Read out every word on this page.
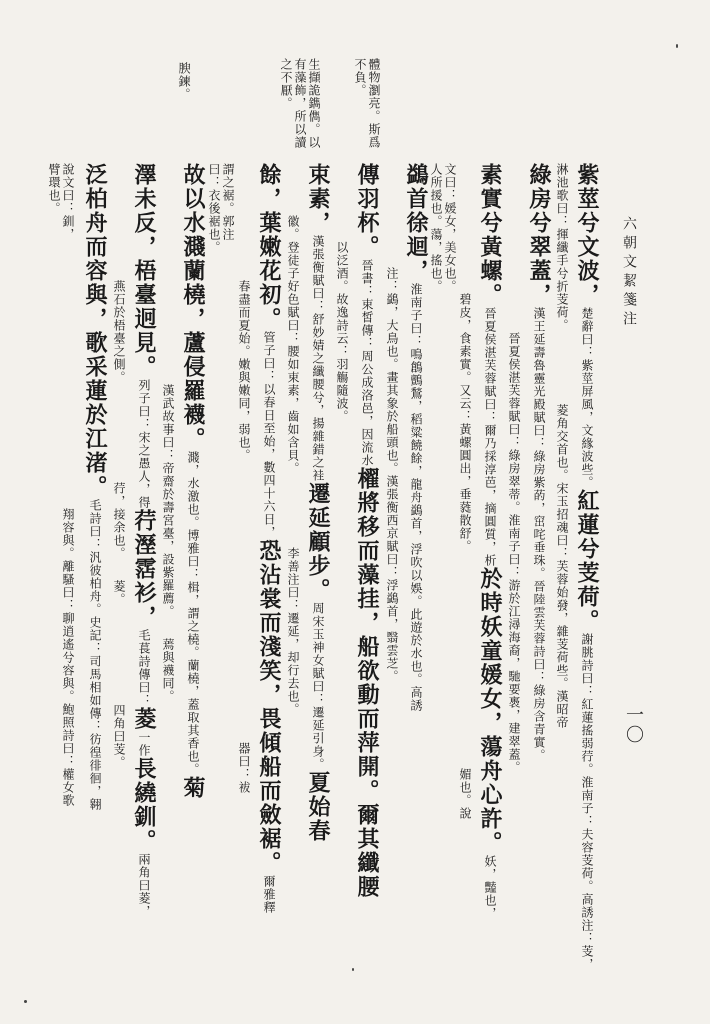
六朝文絜箋注
一〇
紫莖兮文波，楚辭曰：紫莖屏風，文緣波些。紅蓮兮芰荷。謝朓詩曰：紅蓮搖弱荇。淮南子：夫容芰荷。高誘注：芰，
淋池歌曰：揮纖手兮折芰荷。　　　　　　菱角交首也。宋玉招魂曰：芙蓉始發，雜芰荷些。漢昭帝
綠房兮翠蓋，漢王延壽魯靈光殿賦曰：綠房紫菂，窋咤垂珠。晉陸雲芙蓉詩曰：綠房含青實。
　　　　　　　　　　　　　晉夏侯湛芙蓉賦曰：綠房翠蒂。淮南子曰：游於江潯海裔，馳要褭，建翠蓋。
素實兮黃螺。晉夏侯湛芙蓉賦曰：爾乃採淳芭，摘圓質，析於時妖童媛女，蕩舟心許。妖，豔也，
　　　　　　　　　　碧皮，食素實。又云：黃螺圓出，垂蕤散舒。　　　　　　　　　　　　　　　　　媚也。說
文曰：媛女，美女也。
人所援也。蕩，搖也。
鷁首徐迴，淮南子曰：鳴鶬鸇鶖，稻粱饒餘，龍舟鷁首，浮吹以娛。此遊於水也。高誘
　　　　　　　　注：鷁，大鳥也。畫其象於船頭也。漢張衡西京賦曰：浮鷁首，翳雲芝。
傳羽杯。晉書：束皙傳：周公成洛邑，因流水櫂將移而藻挂，船欲動而萍開。爾其纖腰
　　　　　　以泛酒。故逸詩云：羽觴隨波。
束素，漢張衡賦曰：舒妙婧之纖腰兮，揚雜錯之袿遷延顧步。周宋玉神女賦曰：遷延引身。夏始春
　　　　徽。登徒子好色賦曰：腰如束素，齒如含貝。　　　　　　李善注曰：遷延，却行去也。
餘，葉嫩花初。管子曰：以春日至始，數四十六日，恐沾裳而淺笑，畏傾船而斂裾。爾雅釋
　　　　　　　　　春盡而夏始。嫩與嫩同，弱也。　　　　　　　　　　　　　　　　　　　　　　器曰：袚
謂之裾。郭注
曰：衣後裾也。
故以水濺蘭橈，蘆侵羅襪。濺，水激也。博雅曰：楫，謂之橈。蘭橈，蓋取其香也。菊
　　　　　　　　　　　　　　　　　漢武故事曰：帝齋於壽宮臺，設紫羅薦。　　蔫與襪同。
澤未反，梧臺迥見。列子曰：宋之愚人，得荇溼霑衫，毛萇詩傳曰：菱一作長繞釧。兩角曰菱，
　　　　　　　　　燕石於梧臺之側。　　　　　　　　荇，接余也。　　菱。　　　　　　　　四角曰芰。
泛柏舟而容與，歌采蓮於江渚。毛詩曰：汎彼柏舟。史記：司馬相如傳：彷徨徘徊，翱
說文曰：釧，　　　　　　　　　　　　　　　　　　　　　翔容與。離騷曰：聊逍遙兮容與。鮑照詩曰：權女歌
臂環也。
體物瀏亮。斯爲
不負。
生擷詭鐫儁。以
有藻飾，所以讀
之不厭。
腴鍊。
